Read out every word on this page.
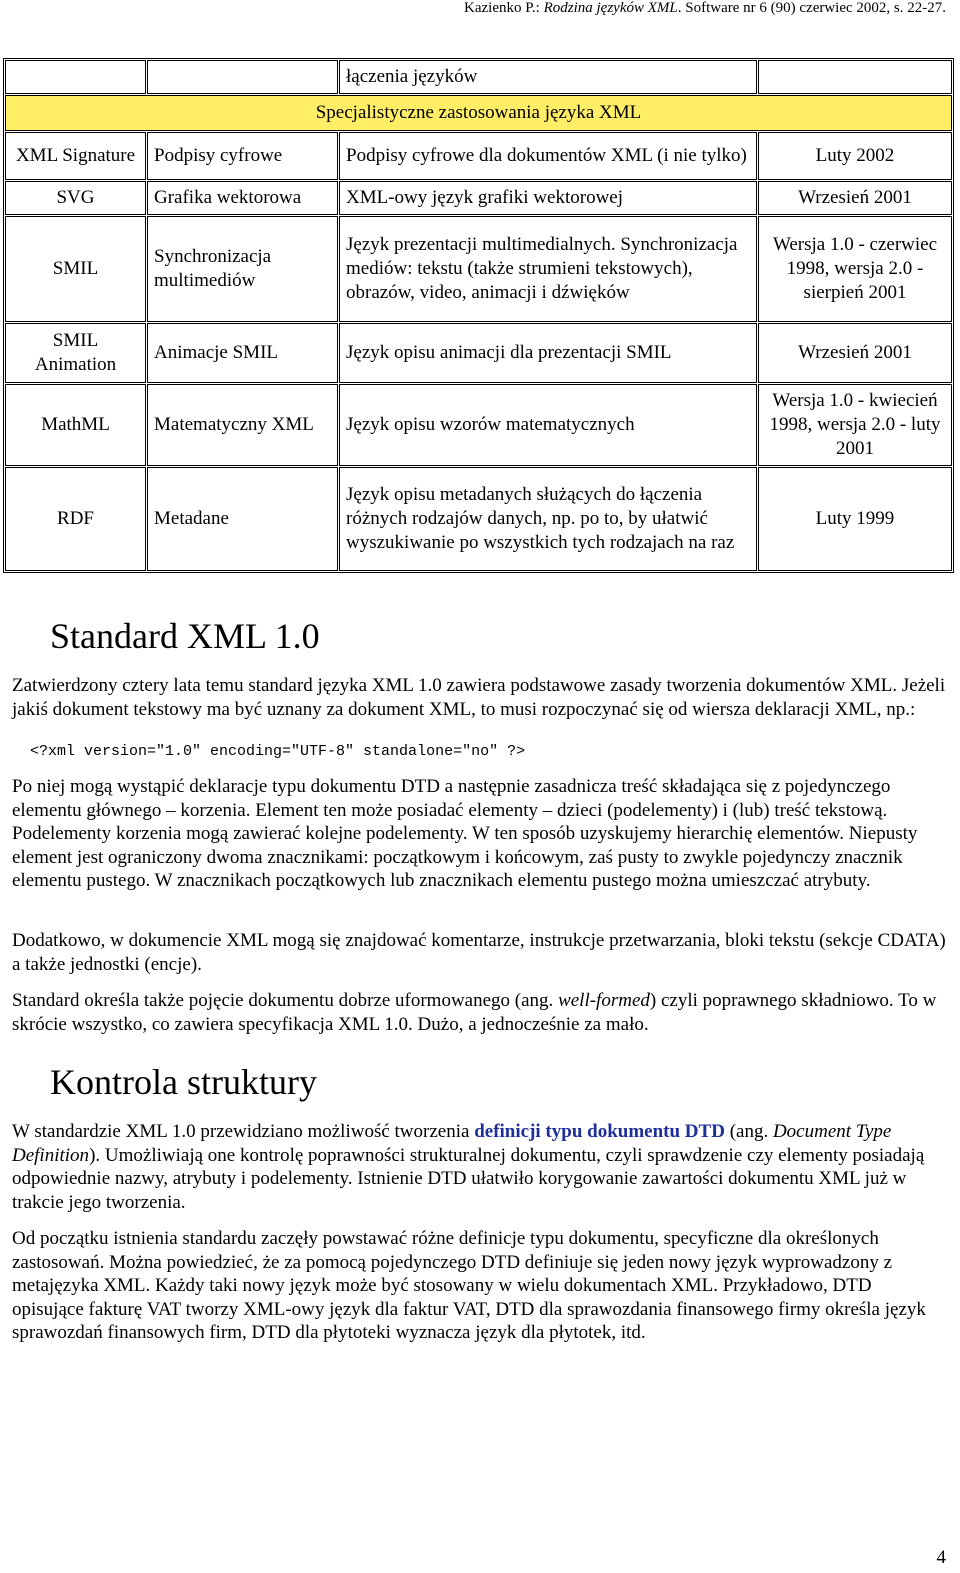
Kazienko P.: Rodzina języków XML. Software nr 6 (90) czerwiec 2002, s. 22-27.
		łączenia języków	
Specjalistyczne zastosowania języka XML			
XML Signature	Podpisy cyfrowe	Podpisy cyfrowe dla dokumentów XML (i nie tylko)	Luty 2002
SVG	Grafika wektorowa	XML-owy język grafiki wektorowej	Wrzesień 2001
SMIL	Synchronizacja multimediów	Język prezentacji multimedialnych. Synchronizacja mediów: tekstu (także strumieni tekstowych), obrazów, video, animacji i dźwięków	Wersja 1.0 - czerwiec 1998, wersja 2.0 - sierpień 2001
SMIL Animation	Animacje SMIL	Język opisu animacji dla prezentacji SMIL	Wrzesień 2001
MathML	Matematyczny XML	Język opisu wzorów matematycznych	Wersja 1.0 - kwiecień 1998, wersja 2.0 - luty 2001
RDF	Metadane	Język opisu metadanych służących do łączenia różnych rodzajów danych, np. po to, by ułatwić wyszukiwanie po wszystkich tych rodzajach na raz	Luty 1999
Standard XML 1.0

Zatwierdzony cztery lata temu standard języka XML 1.0 zawiera podstawowe zasady tworzenia dokumentów XML. Jeżeli jakiś dokument tekstowy ma być uznany za dokument XML, to musi rozpoczynać się od wiersza deklaracji XML, np.:

<?xml version="1.0" encoding="UTF-8" standalone="no" ?>

Po niej mogą wystąpić deklaracje typu dokumentu DTD a następnie zasadnicza treść składająca się z pojedynczego elementu głównego – korzenia. Element ten może posiadać elementy – dzieci (podelementy) i (lub) treść tekstową. Podelementy korzenia mogą zawierać kolejne podelementy. W ten sposób uzyskujemy hierarchię elementów. Niepusty element jest ograniczony dwoma znacznikami: początkowym i końcowym, zaś pusty to zwykle pojedynczy znacznik elementu pustego. W znacznikach początkowych lub znacznikach elementu pustego można umieszczać atrybuty.

Dodatkowo, w dokumencie XML mogą się znajdować komentarze, instrukcje przetwarzania, bloki tekstu (sekcje CDATA) a także jednostki (encje).

Standard określa także pojęcie dokumentu dobrze uformowanego (ang. well-formed) czyli poprawnego składniowo. To w skrócie wszystko, co zawiera specyfikacja XML 1.0. Dużo, a jednocześnie za mało.

Kontrola struktury

W standardzie XML 1.0 przewidziano możliwość tworzenia definicji typu dokumentu DTD (ang. Document Type Definition). Umożliwiają one kontrolę poprawności strukturalnej dokumentu, czyli sprawdzenie czy elementy posiadają odpowiednie nazwy, atrybuty i podelementy. Istnienie DTD ułatwiło korygowanie zawartości dokumentu XML już w trakcie jego tworzenia.

Od początku istnienia standardu zaczęły powstawać różne definicje typu dokumentu, specyficzne dla określonych zastosowań. Można powiedzieć, że za pomocą pojedynczego DTD definiuje się jeden nowy język wyprowadzony z metajęzyka XML. Każdy taki nowy język może być stosowany w wielu dokumentach XML. Przykładowo, DTD opisujące fakturę VAT tworzy XML-owy język dla faktur VAT, DTD dla sprawozdania finansowego firmy określa język sprawozdań finansowych firm, DTD dla płytoteki wyznacza język dla płytotek, itd.

4
